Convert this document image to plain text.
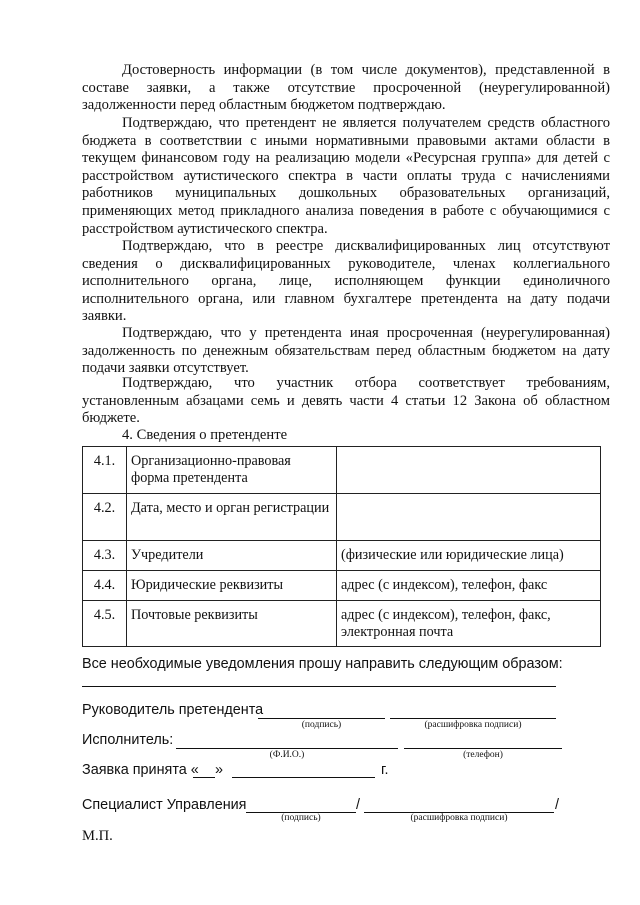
Достоверность информации (в том числе документов), представленной в составе заявки, а также отсутствие просроченной (неурегулированной) задолженности перед областным бюджетом подтверждаю.

Подтверждаю, что претендент не является получателем средств областного бюджета в соответствии с иными нормативными правовыми актами области в текущем финансовом году на реализацию модели «Ресурсная группа» для детей с расстройством аутистического спектра в части оплаты труда с начислениями работников муниципальных дошкольных образовательных организаций, применяющих метод прикладного анализа поведения в работе с обучающимися с расстройством аутистического спектра.

Подтверждаю, что в реестре дисквалифицированных лиц отсутствуют сведения о дисквалифицированных руководителе, членах коллегиального исполнительного органа, лице, исполняющем функции единоличного исполнительного органа, или главном бухгалтере претендента на дату подачи заявки.

Подтверждаю, что у претендента иная просроченная (неурегулированная) задолженность по денежным обязательствам перед областным бюджетом на дату подачи заявки отсутствует.

Подтверждаю, что участник отбора соответствует требованиям, установленным абзацами семь и девять части 4 статьи 12 Закона об областном бюджете.

4. Сведения о претенденте

4.1.	Организационно-правовая форма претендента	
4.2.	Дата, место и орган регистрации	
4.3.	Учредители	(физические или юридические лица)
4.4.	Юридические реквизиты	адрес (с индексом), телефон, факс
4.5.	Почтовые реквизиты	адрес (с индексом), телефон, факс, электронная почта
Все необходимые уведомления прошу направить следующим образом:
Руководитель претендента
(подпись)	(расшифровка подписи)
Исполнитель:
(Ф.И.О.)	(телефон)
Заявка принята « »	г.
Специалист Управления	/	/
(подпись)	(расшифровка подписи)
М.П.
